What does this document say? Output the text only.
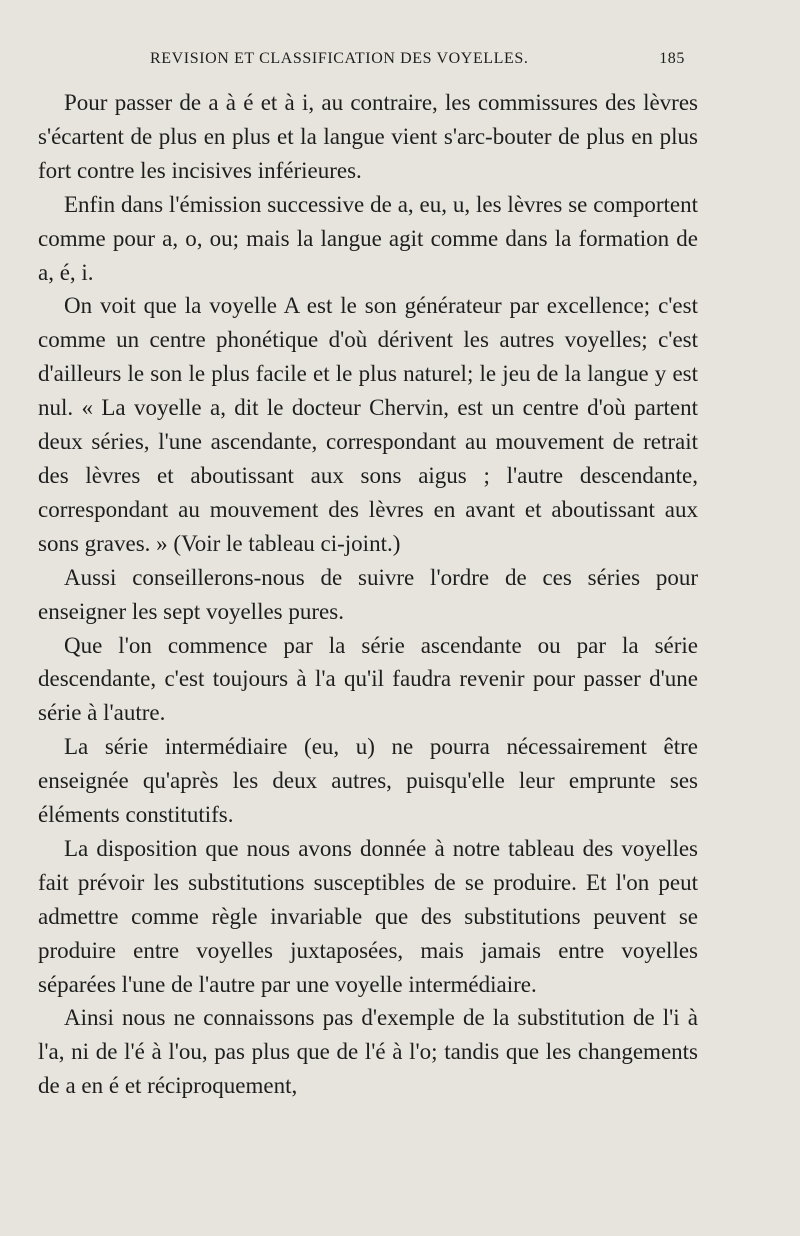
REVISION ET CLASSIFICATION DES VOYELLES.	185

Pour passer de a à é et à i, au contraire, les commissures des lèvres s'écartent de plus en plus et la langue vient s'arc-bouter de plus en plus fort contre les incisives inférieures.

Enfin dans l'émission successive de a, eu, u, les lèvres se comportent comme pour a, o, ou; mais la langue agit comme dans la formation de a, é, i.

On voit que la voyelle A est le son générateur par excellence; c'est comme un centre phonétique d'où dérivent les autres voyelles; c'est d'ailleurs le son le plus facile et le plus naturel; le jeu de la langue y est nul. « La voyelle a, dit le docteur Chervin, est un centre d'où partent deux séries, l'une ascendante, correspondant au mouvement de retrait des lèvres et aboutissant aux sons aigus ; l'autre descendante, correspondant au mouvement des lèvres en avant et aboutissant aux sons graves. » (Voir le tableau ci-joint.)

Aussi conseillerons-nous de suivre l'ordre de ces séries pour enseigner les sept voyelles pures.

Que l'on commence par la série ascendante ou par la série descendante, c'est toujours à l'a qu'il faudra revenir pour passer d'une série à l'autre.

La série intermédiaire (eu, u) ne pourra nécessairement être enseignée qu'après les deux autres, puisqu'elle leur emprunte ses éléments constitutifs.

La disposition que nous avons donnée à notre tableau des voyelles fait prévoir les substitutions susceptibles de se produire. Et l'on peut admettre comme règle invariable que des substitutions peuvent se produire entre voyelles juxtaposées, mais jamais entre voyelles séparées l'une de l'autre par une voyelle intermédiaire.

Ainsi nous ne connaissons pas d'exemple de la substitution de l'i à l'a, ni de l'é à l'ou, pas plus que de l'é à l'o; tandis que les changements de a en é et réciproquement,
